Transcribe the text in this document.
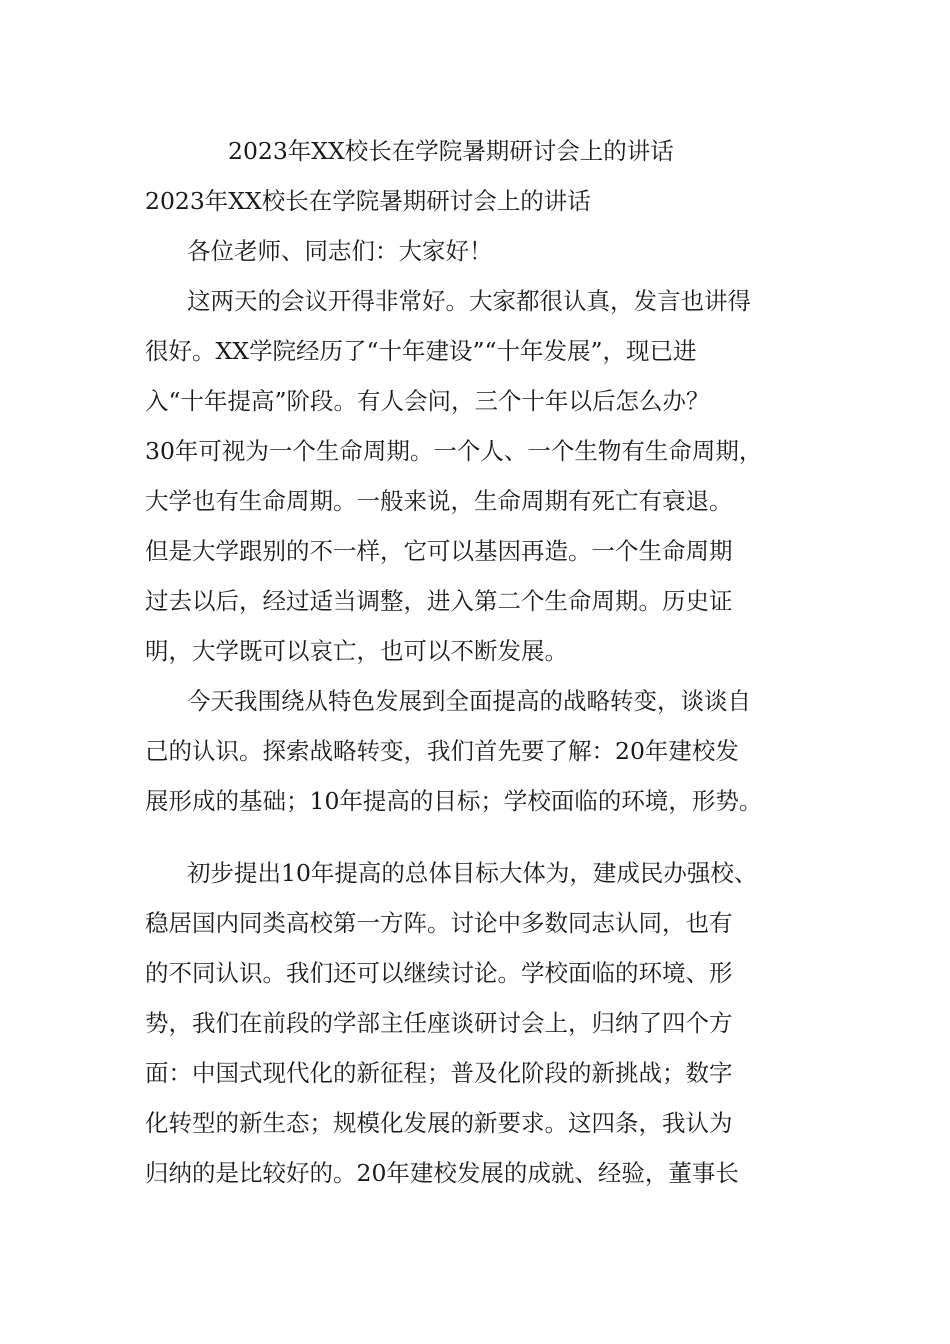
2023年XX校长在学院暑期研讨会上的讲话
2023年XX校长在学院暑期研讨会上的讲话
各位老师、同志们：大家好！
这两天的会议开得非常好。大家都很认真，发言也讲得
很好。XX学院经历了“十年建设”“十年发展”，现已进
入“十年提高”阶段。有人会问，三个十年以后怎么办？
30年可视为一个生命周期。一个人、一个生物有生命周期，
大学也有生命周期。一般来说，生命周期有死亡有衰退。
但是大学跟别的不一样，它可以基因再造。一个生命周期
过去以后，经过适当调整，进入第二个生命周期。历史证
明，大学既可以哀亡，也可以不断发展。
今天我围绕从特色发展到全面提高的战略转变，谈谈自
己的认识。探索战略转变，我们首先要了解：20年建校发
展形成的基础；10年提高的目标；学校面临的环境，形势。
初步提出10年提高的总体目标大体为，建成民办强校、
稳居国内同类高校第一方阵。讨论中多数同志认同，也有
的不同认识。我们还可以继续讨论。学校面临的环境、形
势，我们在前段的学部主任座谈研讨会上，归纳了四个方
面：中国式现代化的新征程；普及化阶段的新挑战；数字
化转型的新生态；规模化发展的新要求。这四条，我认为
归纳的是比较好的。20年建校发展的成就、经验，董事长
